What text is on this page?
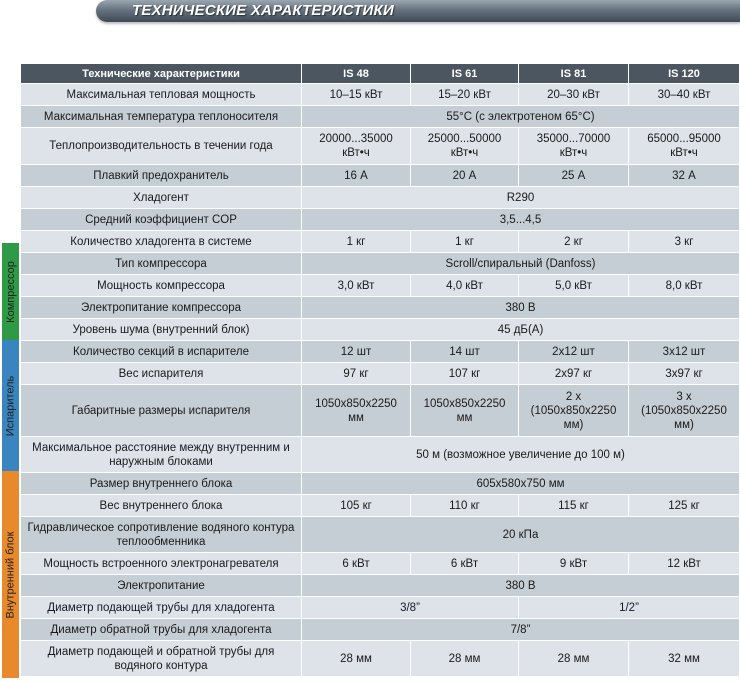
ТЕХНИЧЕСКИЕ ХАРАКТЕРИСТИКИ
Компрессор
Испаритель
Внутренний блок
Технические характеристики	IS 48	IS 61	IS 81	IS 120
Максимальная тепловая мощность	10–15 кВт	15–20 кВт	20–30 кВт	30–40 кВт
Максимальная температура теплоносителя	55°C (с электротеном 65°C)			
Теплопроизводительность в течении года	20000...35000 кВт•ч	25000...50000 кВт•ч	35000...70000 кВт•ч	65000...95000 кВт•ч
Плавкий предохранитель	16 А	20 А	25 А	32 А
Хладогент	R290			
Средний коэффициент COP	3,5...4,5			
Количество хладогента в системе	1 кг	1 кг	2 кг	3 кг
Тип компрессора	Scroll/спиральный (Danfoss)			
Мощность компрессора	3,0 кВт	4,0 кВт	5,0 кВт	8,0 кВт
Электропитание компрессора	380 В			
Уровень шума (внутренний блок)	45 дБ(А)			
Количество секций в испарителе	12 шт	14 шт	2x12 шт	3x12 шт
Вес испарителя	97 кг	107 кг	2x97 кг	3x97 кг
Габаритные размеры испарителя	1050x850x2250 мм	1050x850x2250 мм	2 x (1050x850x2250 мм)	3 x (1050x850x2250 мм)
Максимальное расстояние между внутренним и наружным блоками	50 м (возможное увеличение до 100 м)			
Размер внутреннего блока	605x580x750 мм			
Вес внутреннего блока	105 кг	110 кг	115 кг	125 кг
Гидравлическое сопротивление водяного контура теплообменника	20 кПа			
Мощность встроенного электронагревателя	6 кВт	6 кВт	9 кВт	12 кВт
Электропитание	380 В			
Диаметр подающей трубы для хладогента	3/8”		1/2”	
Диаметр обратной трубы для хладогента	7/8”			
Диаметр подающей и обратной трубы для водяного контура	28 мм	28 мм	28 мм	32 мм
